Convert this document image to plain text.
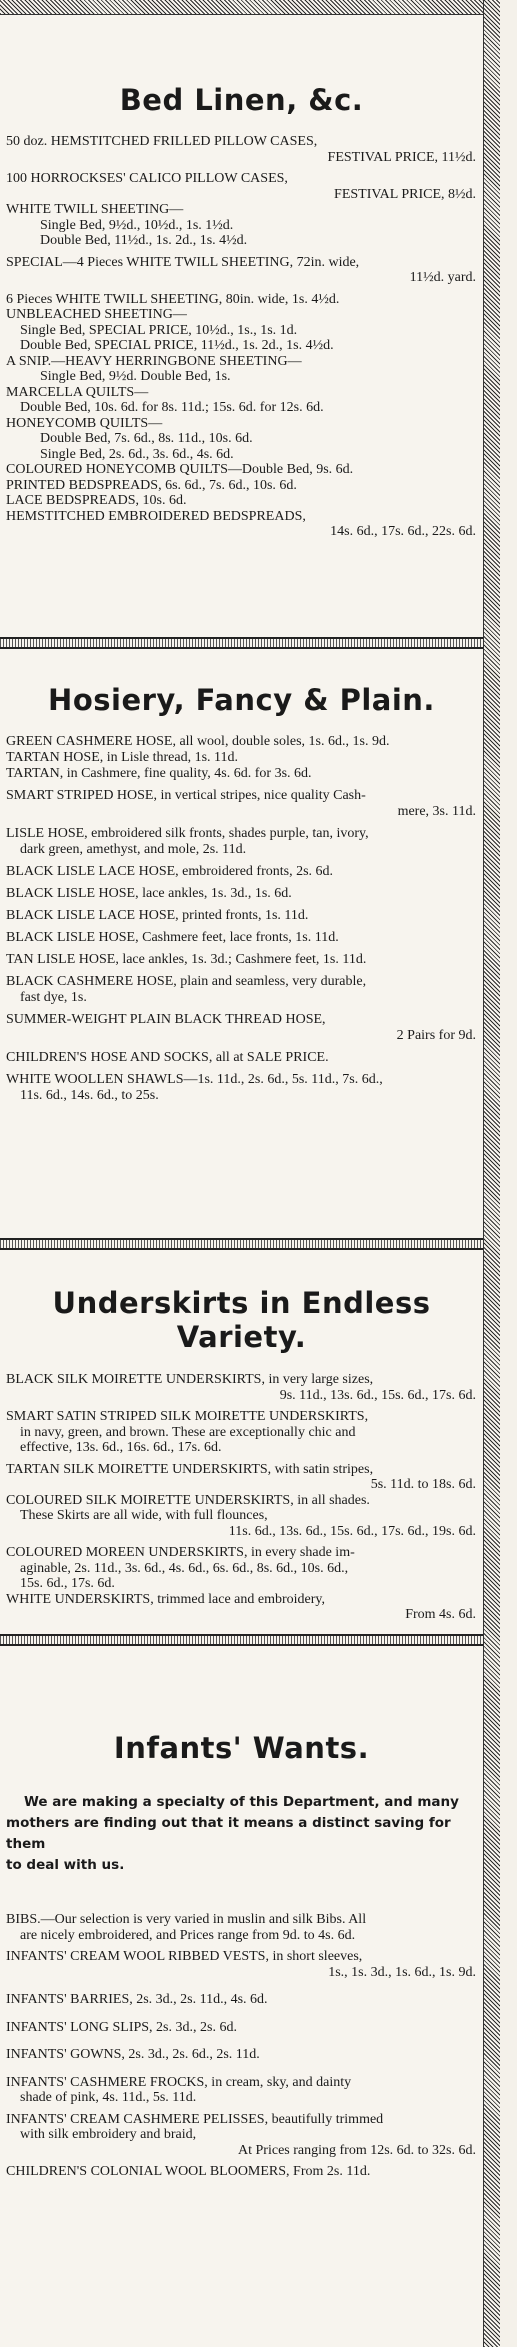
Bed Linen, &c.
50 doz. HEMSTITCHED FRILLED PILLOW CASES,
FESTIVAL PRICE, 11½d.
100 HORROCKSES' CALICO PILLOW CASES,
FESTIVAL PRICE, 8½d.
WHITE TWILL SHEETING—
Single Bed, 9½d., 10½d., 1s. 1½d.
Double Bed, 11½d., 1s. 2d., 1s. 4½d.
SPECIAL—4 Pieces WHITE TWILL SHEETING, 72in. wide,
11½d. yard.
6 Pieces WHITE TWILL SHEETING, 80in. wide, 1s. 4½d.
UNBLEACHED SHEETING—
Single Bed, SPECIAL PRICE, 10½d., 1s., 1s. 1d.
Double Bed, SPECIAL PRICE, 11½d., 1s. 2d., 1s. 4½d.
A SNIP.—HEAVY HERRINGBONE SHEETING—
Single Bed, 9½d. Double Bed, 1s.
MARCELLA QUILTS—
Double Bed, 10s. 6d. for 8s. 11d.; 15s. 6d. for 12s. 6d.
HONEYCOMB QUILTS—
Double Bed, 7s. 6d., 8s. 11d., 10s. 6d.
Single Bed, 2s. 6d., 3s. 6d., 4s. 6d.
COLOURED HONEYCOMB QUILTS—Double Bed, 9s. 6d.
PRINTED BEDSPREADS, 6s. 6d., 7s. 6d., 10s. 6d.
LACE BEDSPREADS, 10s. 6d.
HEMSTITCHED EMBROIDERED BEDSPREADS,
14s. 6d., 17s. 6d., 22s. 6d.
Hosiery, Fancy & Plain.
GREEN CASHMERE HOSE, all wool, double soles, 1s. 6d., 1s. 9d.
TARTAN HOSE, in Lisle thread, 1s. 11d.
TARTAN, in Cashmere, fine quality, 4s. 6d. for 3s. 6d.
SMART STRIPED HOSE, in vertical stripes, nice quality Cash-
mere, 3s. 11d.
LISLE HOSE, embroidered silk fronts, shades purple, tan, ivory,
dark green, amethyst, and mole, 2s. 11d.
BLACK LISLE LACE HOSE, embroidered fronts, 2s. 6d.
BLACK LISLE HOSE, lace ankles, 1s. 3d., 1s. 6d.
BLACK LISLE LACE HOSE, printed fronts, 1s. 11d.
BLACK LISLE HOSE, Cashmere feet, lace fronts, 1s. 11d.
TAN LISLE HOSE, lace ankles, 1s. 3d.; Cashmere feet, 1s. 11d.
BLACK CASHMERE HOSE, plain and seamless, very durable,
fast dye, 1s.
SUMMER-WEIGHT PLAIN BLACK THREAD HOSE,
2 Pairs for 9d.
CHILDREN'S HOSE AND SOCKS, all at SALE PRICE.
WHITE WOOLLEN SHAWLS—1s. 11d., 2s. 6d., 5s. 11d., 7s. 6d.,
11s. 6d., 14s. 6d., to 25s.
Underskirts in Endless
Variety.
BLACK SILK MOIRETTE UNDERSKIRTS, in very large sizes,
9s. 11d., 13s. 6d., 15s. 6d., 17s. 6d.
SMART SATIN STRIPED SILK MOIRETTE UNDERSKIRTS,
in navy, green, and brown. These are exceptionally chic and
effective, 13s. 6d., 16s. 6d., 17s. 6d.
TARTAN SILK MOIRETTE UNDERSKIRTS, with satin stripes,
5s. 11d. to 18s. 6d.
COLOURED SILK MOIRETTE UNDERSKIRTS, in all shades.
These Skirts are all wide, with full flounces,
11s. 6d., 13s. 6d., 15s. 6d., 17s. 6d., 19s. 6d.
COLOURED MOREEN UNDERSKIRTS, in every shade im-
aginable, 2s. 11d., 3s. 6d., 4s. 6d., 6s. 6d., 8s. 6d., 10s. 6d.,
15s. 6d., 17s. 6d.
WHITE UNDERSKIRTS, trimmed lace and embroidery,
From 4s. 6d.
Infants' Wants.
We are making a specialty of this Department, and many
mothers are finding out that it means a distinct saving for them
to deal with us.
BIBS.—Our selection is very varied in muslin and silk Bibs. All
are nicely embroidered, and Prices range from 9d. to 4s. 6d.
INFANTS' CREAM WOOL RIBBED VESTS, in short sleeves,
1s., 1s. 3d., 1s. 6d., 1s. 9d.
INFANTS' BARRIES, 2s. 3d., 2s. 11d., 4s. 6d.
INFANTS' LONG SLIPS, 2s. 3d., 2s. 6d.
INFANTS' GOWNS, 2s. 3d., 2s. 6d., 2s. 11d.
INFANTS' CASHMERE FROCKS, in cream, sky, and dainty
shade of pink, 4s. 11d., 5s. 11d.
INFANTS' CREAM CASHMERE PELISSES, beautifully trimmed
with silk embroidery and braid,
At Prices ranging from 12s. 6d. to 32s. 6d.
CHILDREN'S COLONIAL WOOL BLOOMERS, From 2s. 11d.
